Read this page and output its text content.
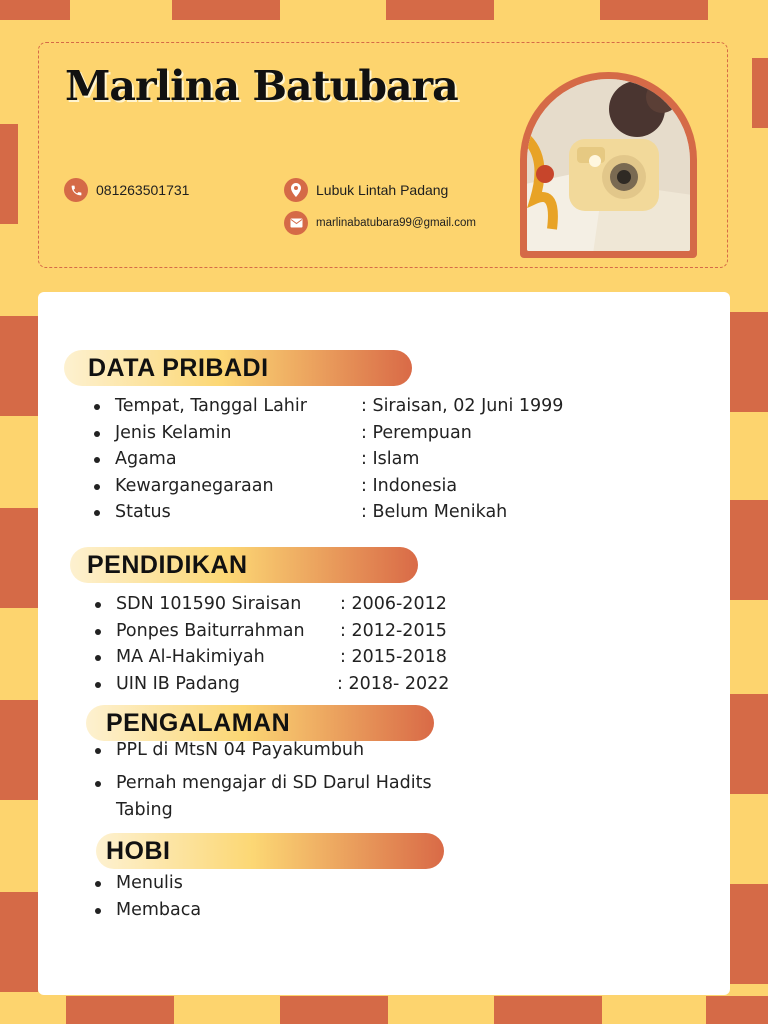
Marlina Batubara
081263501731	Lubuk Lintah Padang
marlinabatubara99@gmail.com
DATA PRIBADI
Tempat, Tanggal Lahir	: Siraisan, 02 Juni 1999
Jenis Kelamin	: Perempuan
Agama	: Islam
Kewarganegaraan	: Indonesia
Status	: Belum Menikah
PENDIDIKAN
SDN 101590 Siraisan : 2006-2012
Ponpes Baiturrahman : 2012-2015
MA Al-Hakimiyah	: 2015-2018
UIN IB Padang	: 2018- 2022
PENGALAMAN
PPL di MtsN 04 Payakumbuh
Pernah mengajar di SD Darul Hadits
Tabing
HOBI
Menulis
Membaca
